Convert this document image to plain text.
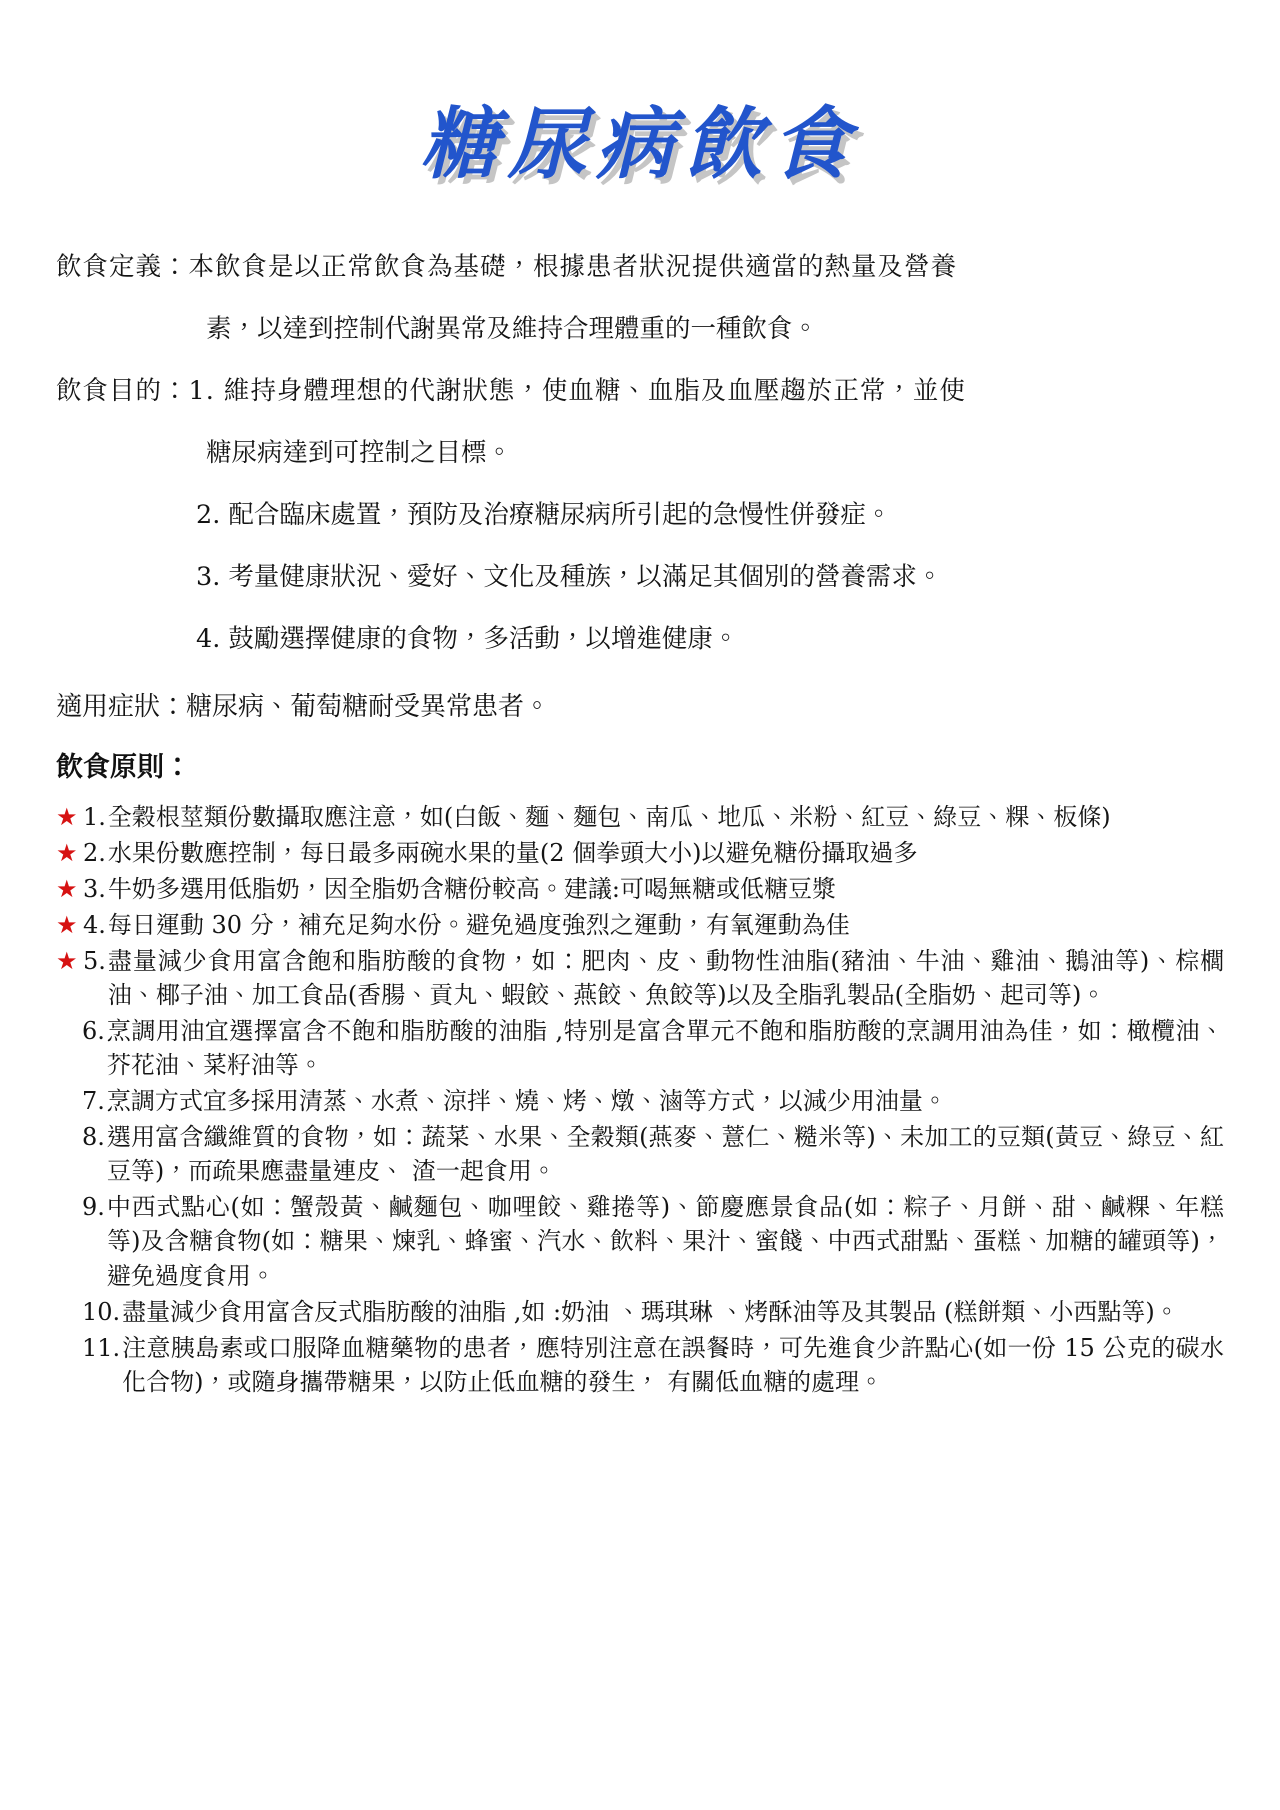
糖尿病飲食

飲食定義：本飲食是以正常飲食為基礎，根據患者狀況提供適當的熱量及營養

素，以達到控制代謝異常及維持合理體重的一種飲食。

飲食目的：1. 維持身體理想的代謝狀態，使血糖、血脂及血壓趨於正常，並使

糖尿病達到可控制之目標。

2. 配合臨床處置，預防及治療糖尿病所引起的急慢性併發症。

3. 考量健康狀況、愛好、文化及種族，以滿足其個別的營養需求。

4. 鼓勵選擇健康的食物，多活動，以增進健康。

適用症狀：糖尿病、葡萄糖耐受異常患者。

飲食原則：

★ 1. 全穀根莖類份數攝取應注意，如(白飯、麵、麵包、南瓜、地瓜、米粉、紅豆、綠豆、粿、板條)
★ 2. 水果份數應控制，每日最多兩碗水果的量(2 個拳頭大小)以避免糖份攝取過多
★ 3. 牛奶多選用低脂奶，因全脂奶含糖份較高。建議:可喝無糖或低糖豆漿
★ 4. 每日運動 30 分，補充足夠水份。避免過度強烈之運動，有氧運動為佳
★ 5. 盡量減少食用富含飽和脂肪酸的食物，如：肥肉、皮、動物性油脂(豬油、牛油、雞油、鵝油等)、棕櫚油、椰子油、加工食品(香腸、貢丸、蝦餃、燕餃、魚餃等)以及全脂乳製品(全脂奶、起司等)。
6. 烹調用油宜選擇富含不飽和脂肪酸的油脂 ,特別是富含單元不飽和脂肪酸的烹調用油為佳，如：橄欖油、芥花油、菜籽油等。
7. 烹調方式宜多採用清蒸、水煮、涼拌、燒、烤、燉、滷等方式，以減少用油量。
8. 選用富含纖維質的食物，如：蔬菜、水果、全穀類(燕麥、薏仁、糙米等)、未加工的豆類(黃豆、綠豆、紅豆等)，而疏果應盡量連皮、 渣一起食用。
9. 中西式點心(如：蟹殼黃、鹹麵包、咖哩餃、雞捲等)、節慶應景食品(如：粽子、月餅、甜、鹹粿、年糕等)及含糖食物(如：糖果、煉乳、蜂蜜、汽水、飲料、果汁、蜜餞、中西式甜點、蛋糕、加糖的罐頭等)，避免過度食用。
10. 盡量減少食用富含反式脂肪酸的油脂 ,如 :奶油 、瑪琪琳 、烤酥油等及其製品 (糕餅類、小西點等)。
11. 注意胰島素或口服降血糖藥物的患者，應特別注意在誤餐時，可先進食少許點心(如一份 15 公克的碳水化合物)，或隨身攜帶糖果，以防止低血糖的發生， 有關低血糖的處理。
